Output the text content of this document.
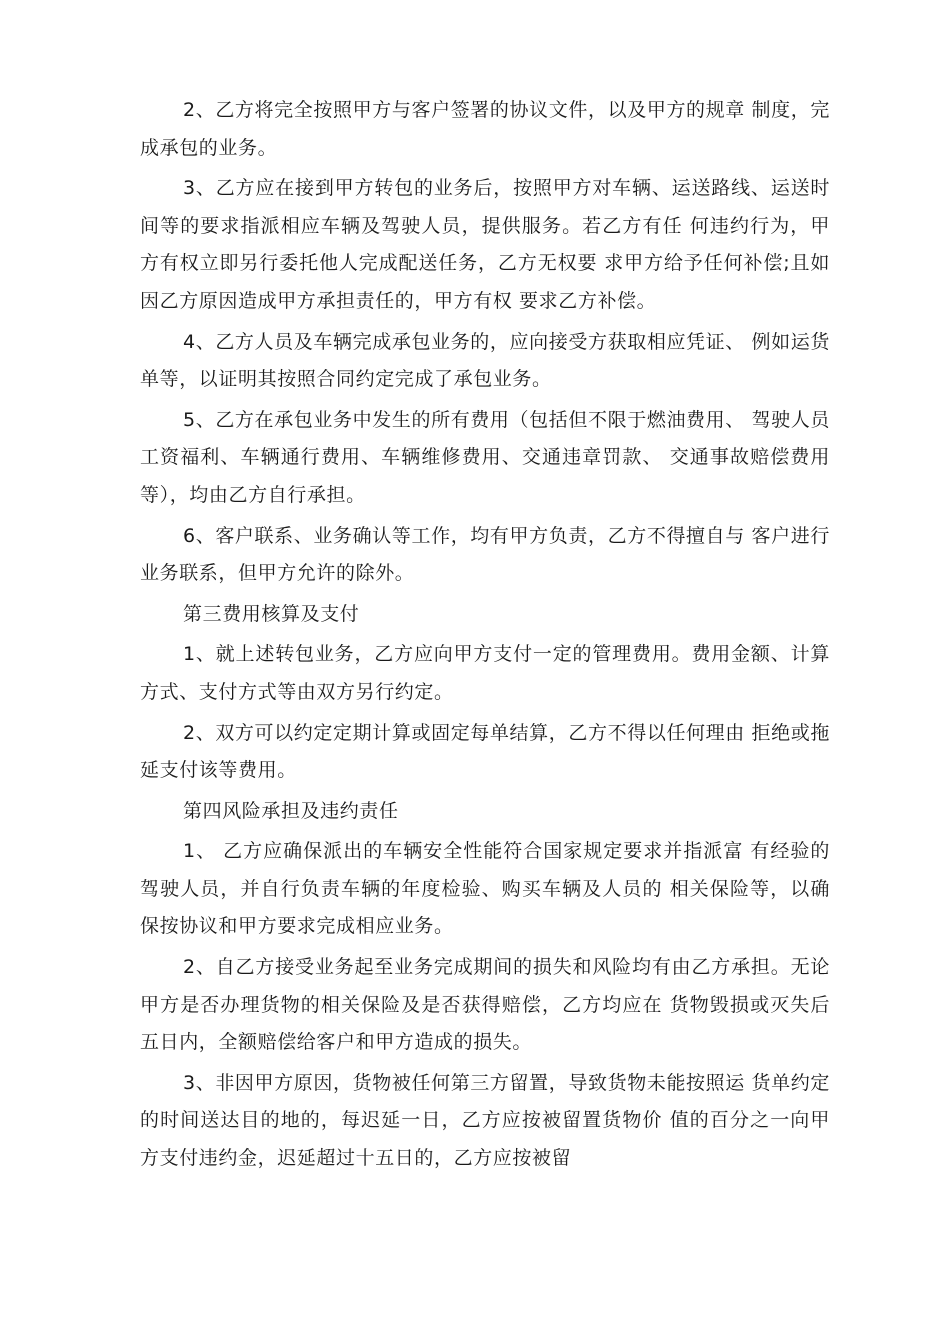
2、乙方将完全按照甲方与客户签署的协议文件，以及甲方的规章 制度，完成承包的业务。

3、乙方应在接到甲方转包的业务后，按照甲方对车辆、运送路线、运送时间等的要求指派相应车辆及驾驶人员，提供服务。若乙方有任 何违约行为，甲方有权立即另行委托他人完成配送任务，乙方无权要 求甲方给予任何补偿;且如因乙方原因造成甲方承担责任的，甲方有权 要求乙方补偿。

4、乙方人员及车辆完成承包业务的，应向接受方获取相应凭证、 例如运货单等，以证明其按照合同约定完成了承包业务。

5、乙方在承包业务中发生的所有费用（包括但不限于燃油费用、 驾驶人员工资福利、车辆通行费用、车辆维修费用、交通违章罚款、 交通事故赔偿费用等），均由乙方自行承担。

6、客户联系、业务确认等工作，均有甲方负责，乙方不得擅自与 客户进行业务联系，但甲方允许的除外。

第三费用核算及支付

1、就上述转包业务，乙方应向甲方支付一定的管理费用。费用金额、计算方式、支付方式等由双方另行约定。

2、双方可以约定定期计算或固定每单结算，乙方不得以任何理由 拒绝或拖延支付该等费用。

第四风险承担及违约责任

1、 乙方应确保派出的车辆安全性能符合国家规定要求并指派富 有经验的驾驶人员，并自行负责车辆的年度检验、购买车辆及人员的 相关保险等，以确保按协议和甲方要求完成相应业务。

2、自乙方接受业务起至业务完成期间的损失和风险均有由乙方承担。无论甲方是否办理货物的相关保险及是否获得赔偿，乙方均应在 货物毁损或灭失后五日内，全额赔偿给客户和甲方造成的损失。

3、非因甲方原因，货物被任何第三方留置，导致货物未能按照运 货单约定的时间送达目的地的，每迟延一日，乙方应按被留置货物价 值的百分之一向甲方支付违约金，迟延超过十五日的，乙方应按被留
